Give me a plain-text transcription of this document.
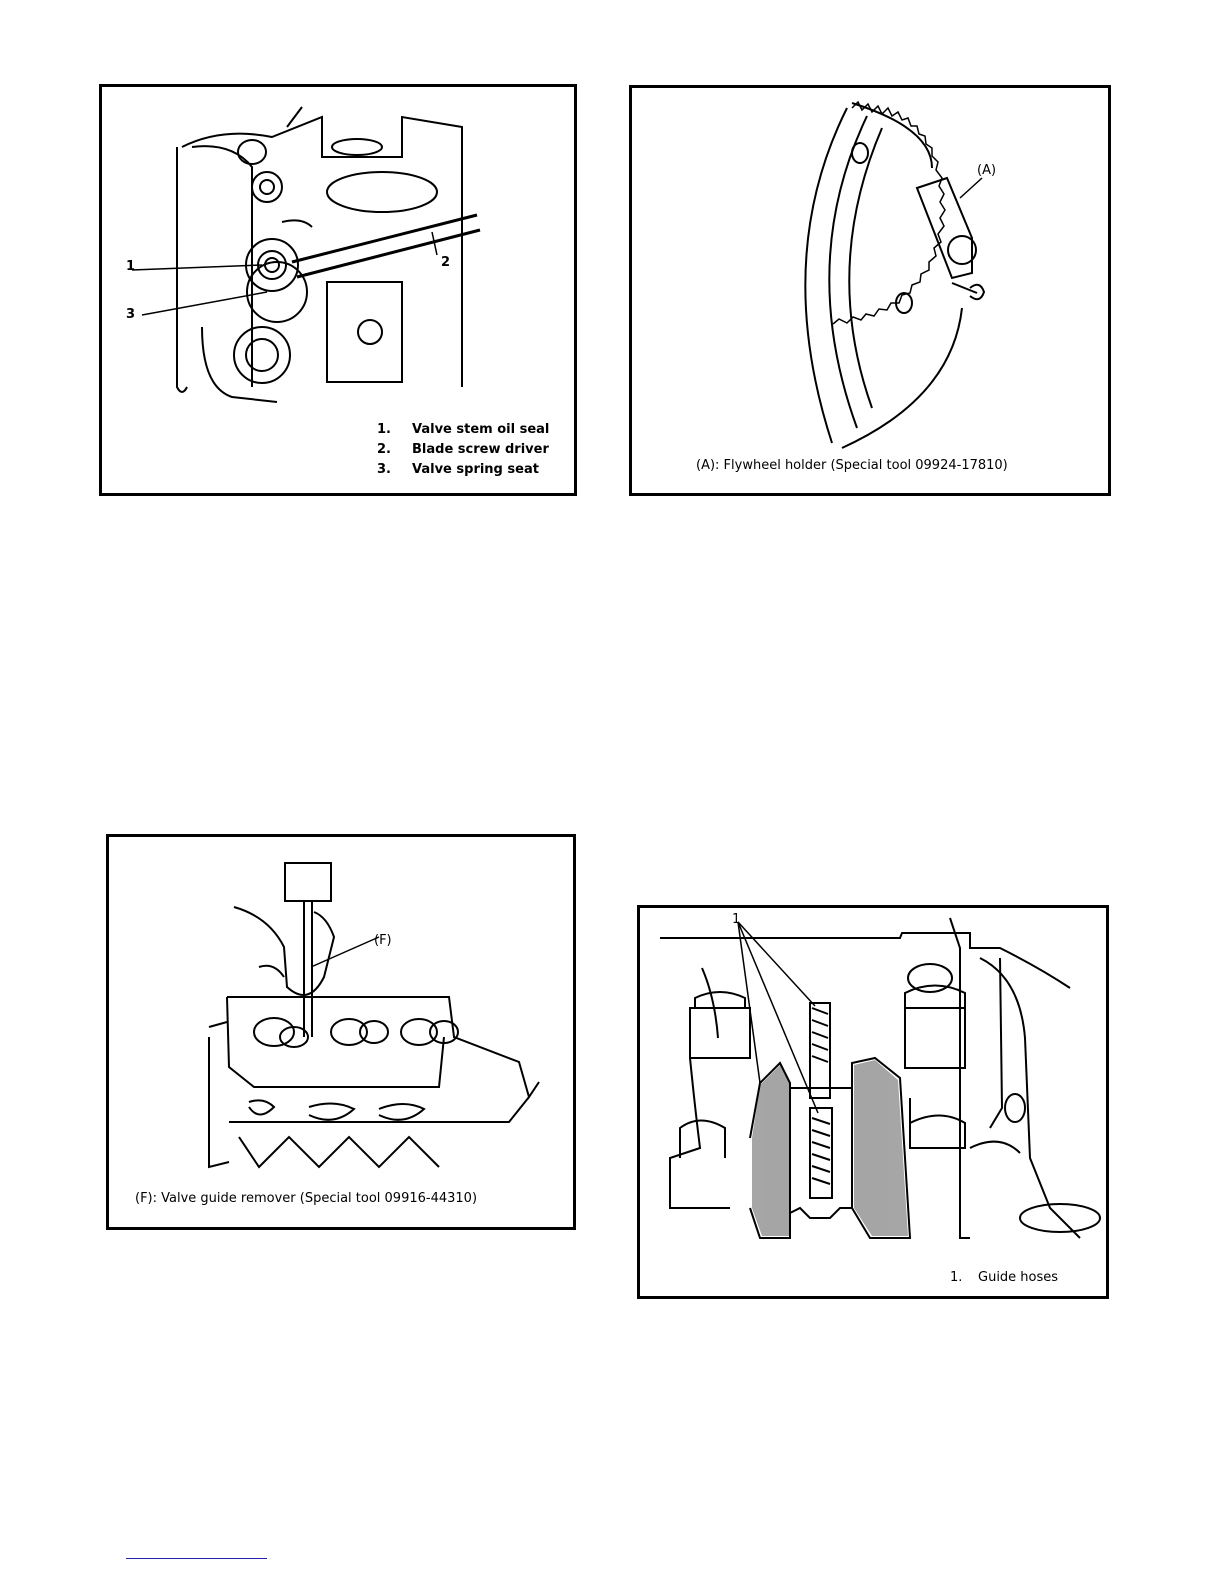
1	2
3
1. Valve stem oil seal
2. Blade screw driver
3. Valve spring seat
(A)
(A): Flywheel holder (Special tool 09924-17810)
(F)
(F): Valve guide remover (Special tool 09916-44310)
1
1. Guide hoses
